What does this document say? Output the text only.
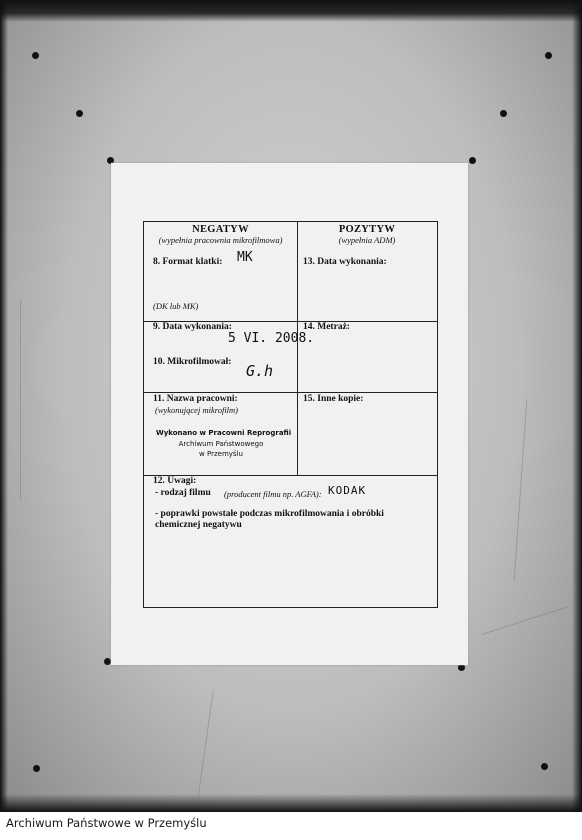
NEGATYW
(wypełnia pracownia mikrofilmowa)
POZYTYW
(wypełnia ADM)
8. Format klatki: MK
(DK lub MK)
13. Data wykonania:
9. Data wykonania:
5 VI. 2008.
14. Metraż:
10. Mikrofilmował: G.h
11. Nazwa pracowni:
(wykonującej mikrofilm)
Wykonano w Pracowni Reprografii
Archiwum Państwowego
w Przemyślu
15. Inne kopie:
12. Uwagi:
- rodzaj filmu (producent filmu np. AGFA): KODAK
- poprawki powstałe podczas mikrofilmowania i obróbki
chemicznej negatywu
Archiwum Państwowe w Przemyślu
